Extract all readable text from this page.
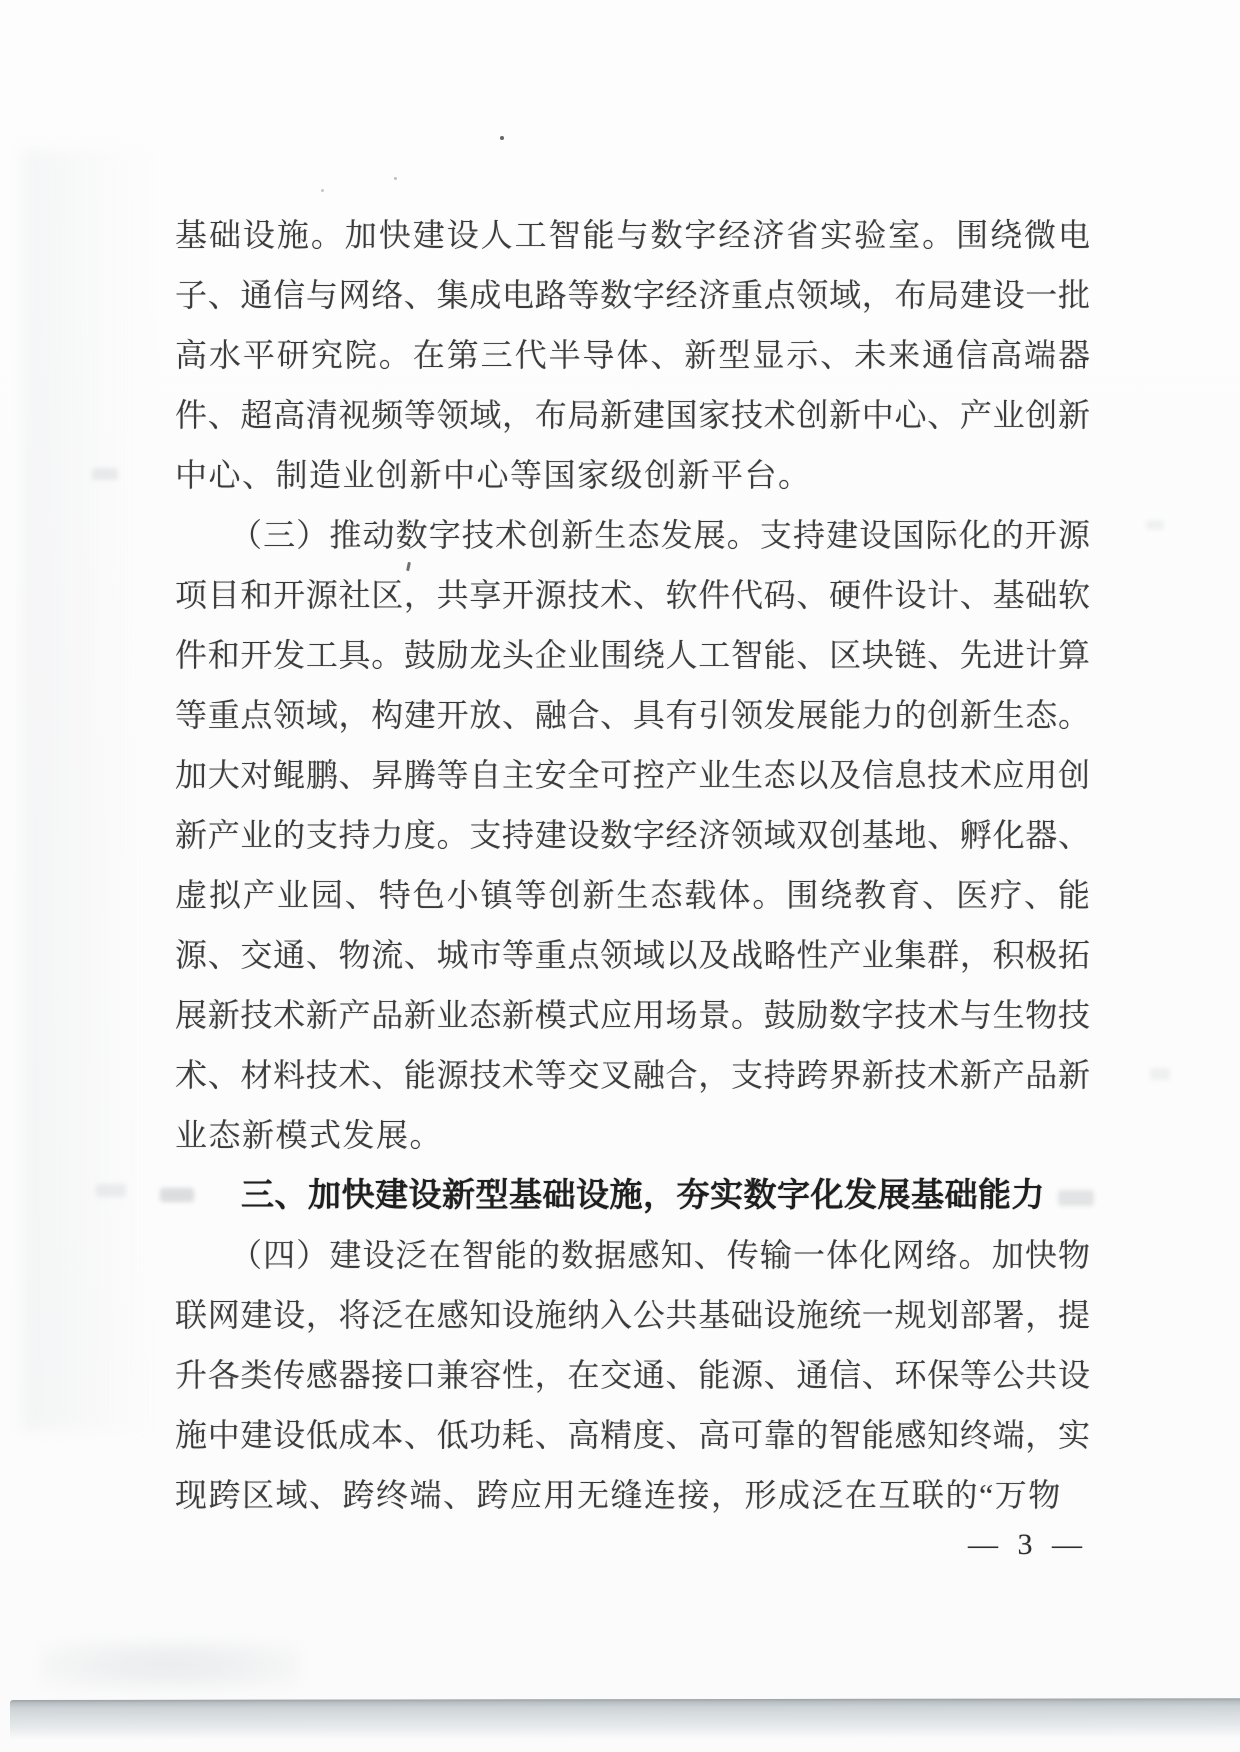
基础设施。加快建设人工智能与数字经济省实验室。围绕微电
子、通信与网络、集成电路等数字经济重点领域，布局建设一批
高水平研究院。在第三代半导体、新型显示、未来通信高端器
件、超高清视频等领域，布局新建国家技术创新中心、产业创新
中心、制造业创新中心等国家级创新平台。
（三）推动数字技术创新生态发展。支持建设国际化的开源
项目和开源社区，共享开源技术、软件代码、硬件设计、基础软
件和开发工具。鼓励龙头企业围绕人工智能、区块链、先进计算
等重点领域，构建开放、融合、具有引领发展能力的创新生态。
加大对鲲鹏、昇腾等自主安全可控产业生态以及信息技术应用创
新产业的支持力度。支持建设数字经济领域双创基地、孵化器、
虚拟产业园、特色小镇等创新生态载体。围绕教育、医疗、能
源、交通、物流、城市等重点领域以及战略性产业集群，积极拓
展新技术新产品新业态新模式应用场景。鼓励数字技术与生物技
术、材料技术、能源技术等交叉融合，支持跨界新技术新产品新
业态新模式发展。
三、加快建设新型基础设施，夯实数字化发展基础能力
（四）建设泛在智能的数据感知、传输一体化网络。加快物
联网建设，将泛在感知设施纳入公共基础设施统一规划部署，提
升各类传感器接口兼容性，在交通、能源、通信、环保等公共设
施中建设低成本、低功耗、高精度、高可靠的智能感知终端，实
现跨区域、跨终端、跨应用无缝连接，形成泛在互联的“万物
— 3 —
